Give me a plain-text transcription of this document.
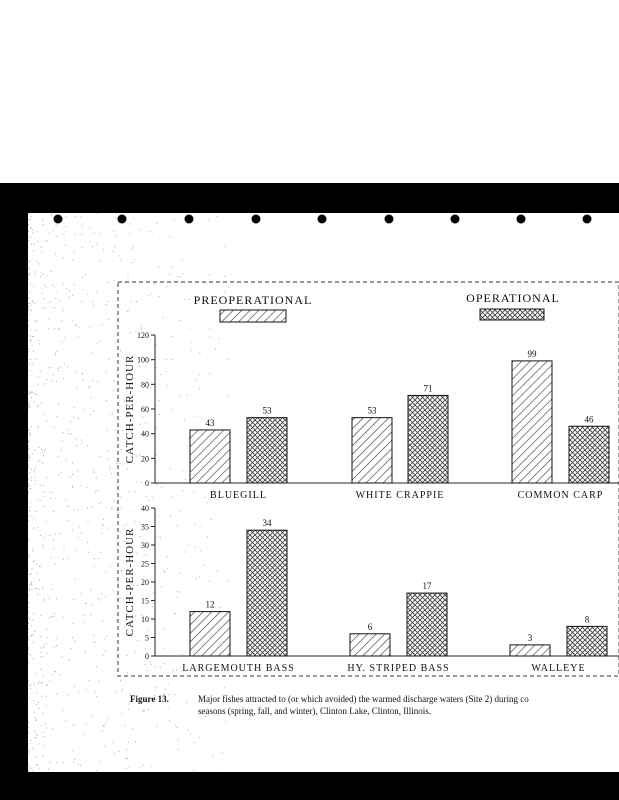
PREOPERATIONAL	OPERATIONAL
CATCH-PER-HOUR
0
20
40
60
80
100
120
43
53
BLUEGILL
53
71
WHITE CRAPPIE
99
46
COMMON CARP
CATCH-PER-HOUR
0
5
10
15
20
25
30
35
40
12
34
LARGEMOUTH BASS
6
17
HY. STRIPED BASS
3
8
WALLEYE
Figure 13.	Major fishes attracted to (or which avoided) the warmed discharge waters (Site 2) during co
seasons (spring, fall, and winter), Clinton Lake, Clinton, Illinois.
